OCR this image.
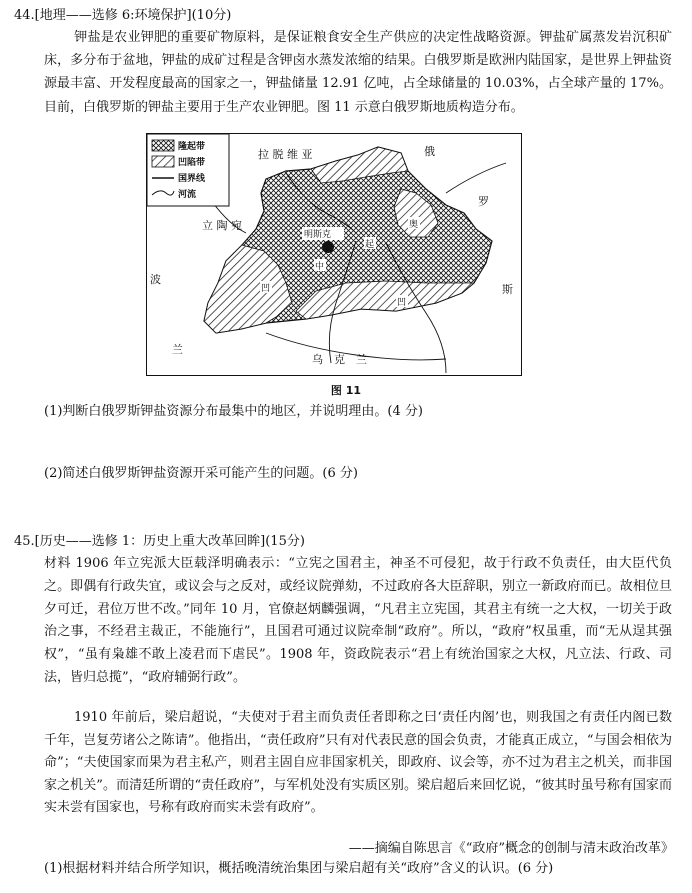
44.[地理——选修 6:环境保护](10分)
钾盐是农业钾肥的重要矿物原料，是保证粮食安全生产供应的决定性战略资源。钾盐矿属蒸发岩沉积矿床，多分布于盆地，钾盐的成矿过程是含钾卤水蒸发浓缩的结果。白俄罗斯是欧洲内陆国家，是世界上钾盐资源最丰富、开发程度最高的国家之一，钾盐储量 12.91 亿吨，占全球储量的 10.03%，占全球产量的 17%。目前，白俄罗斯的钾盐主要用于生产农业钾肥。图 11 示意白俄罗斯地质构造分布。
隆起带
凹陷带
国界线
河流
拉 脱 维 亚	俄
罗
斯
立 陶 宛
波
兰
乌　克　兰
明斯克
奥
凹
起
中
凹
图 11
(1)判断白俄罗斯钾盐资源分布最集中的地区，并说明理由。(4 分)
(2)简述白俄罗斯钾盐资源开采可能产生的问题。(6 分)
45.[历史——选修 1：历史上重大改革回眸](15分)
材料 1906 年立宪派大臣载泽明确表示：“立宪之国君主，神圣不可侵犯，故于行政不负责任，由大臣代负之。即偶有行政失宜，或议会与之反对，或经议院弹劾，不过政府各大臣辞职，别立一新政府而已。故相位旦夕可迁，君位万世不改。”同年 10 月，官僚赵炳麟强调，“凡君主立宪国，其君主有统一之大权，一切关于政治之事，不经君主裁正，不能施行”，且国君可通过议院牵制“政府”。所以，“政府”权虽重，而“无从逞其强权”，“虽有枭雄不敢上凌君而下虐民”。1908 年，资政院表示“君上有统治国家之大权，凡立法、行政、司法，皆归总揽”，“政府辅弼行政”。
1910 年前后，梁启超说，“夫使对于君主而负责任者即称之曰‘责任内阁’也，则我国之有责任内阁已数千年，岂复劳诸公之陈请”。他指出，“责任政府”只有对代表民意的国会负责，才能真正成立，“与国会相依为命”；“夫使国家而果为君主私产，则君主固自应非国家机关，即政府、议会等，亦不过为君主之机关，而非国家之机关”。而清廷所谓的“责任政府”，与军机处没有实质区别。梁启超后来回忆说，“彼其时虽号称有国家而实未尝有国家也，号称有政府而实未尝有政府”。
——摘编自陈思言《“政府”概念的创制与清末政治改革》
(1)根据材料并结合所学知识，概括晚清统治集团与梁启超有关“政府”含义的认识。(6 分)
